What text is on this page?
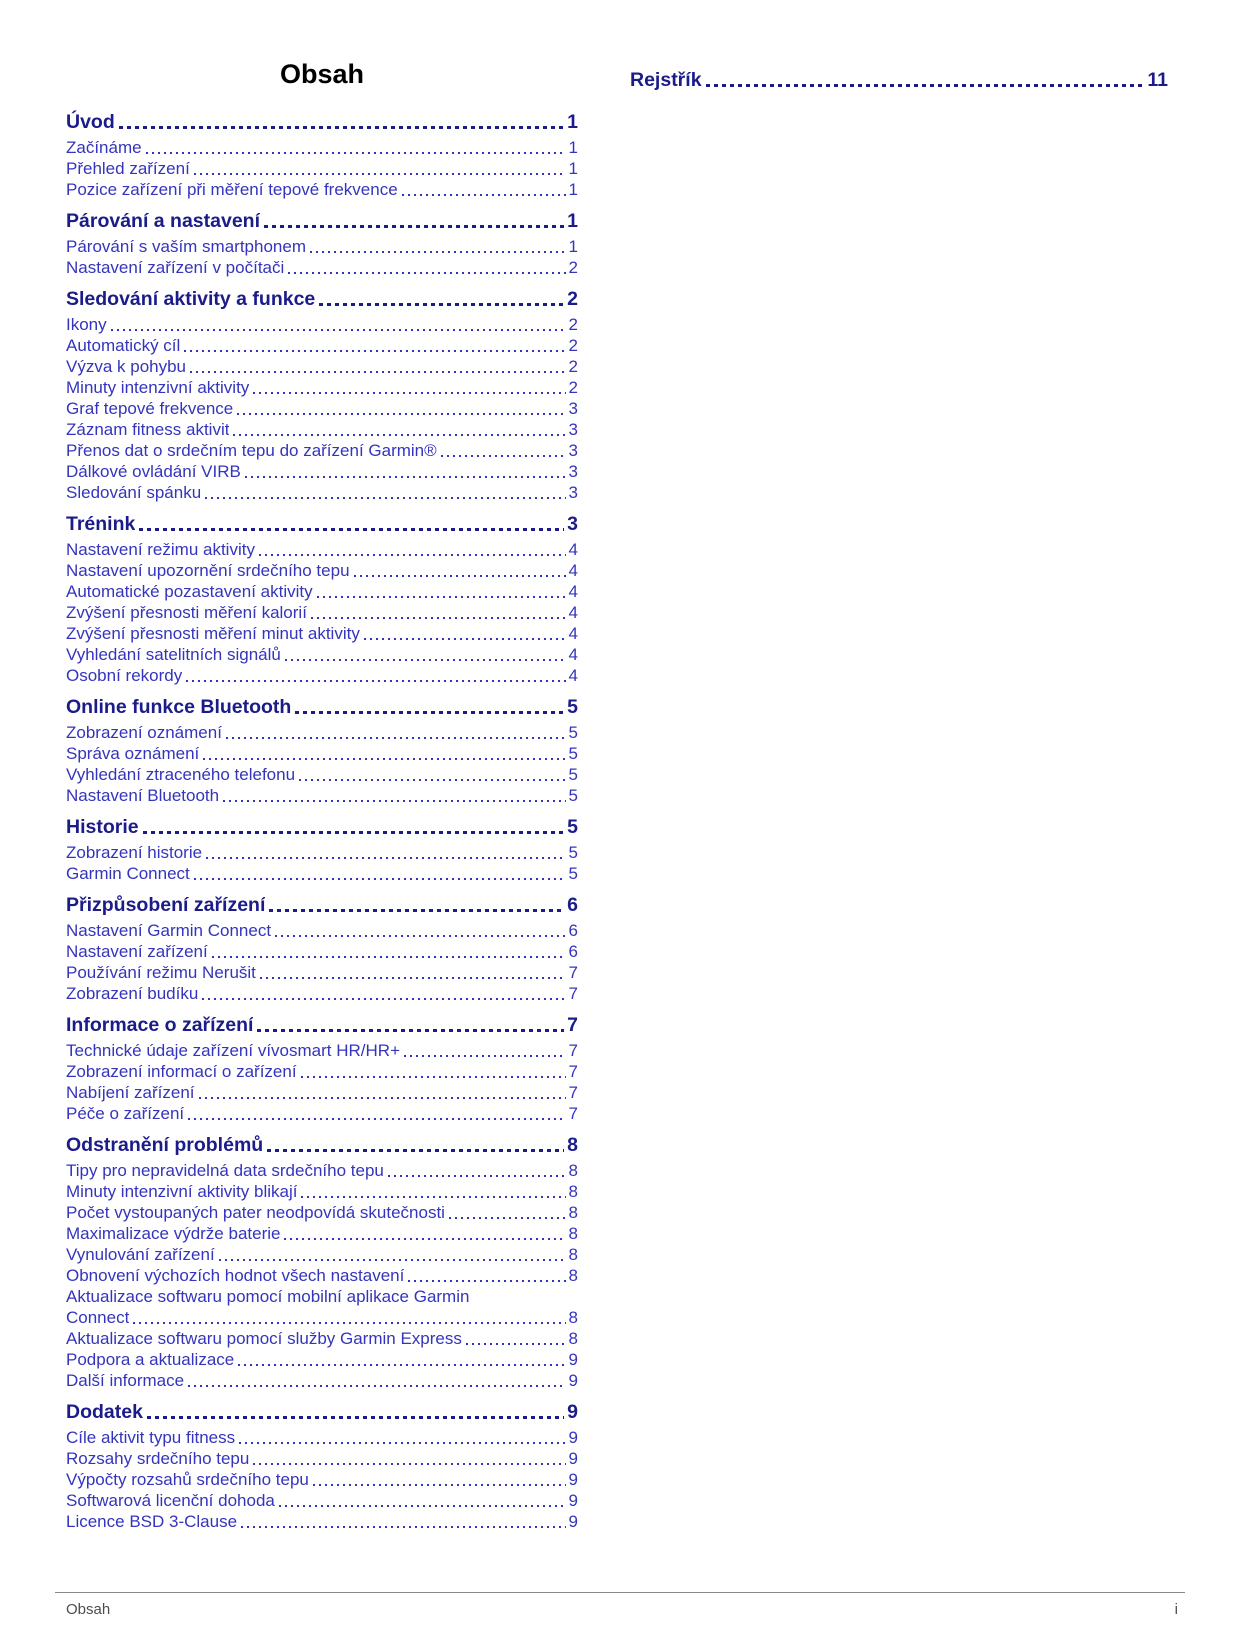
Obsah
Úvod	1
Začínáme	1
Přehled zařízení	1
Pozice zařízení při měření tepové frekvence	1
Párování a nastavení	1
Párování s vaším smartphonem	1
Nastavení zařízení v počítači	2
Sledování aktivity a funkce	2
Ikony	2
Automatický cíl	2
Výzva k pohybu	2
Minuty intenzivní aktivity	2
Graf tepové frekvence	3
Záznam fitness aktivit	3
Přenos dat o srdečním tepu do zařízení Garmin®	3
Dálkové ovládání VIRB	3
Sledování spánku	3
Trénink	3
Nastavení režimu aktivity	4
Nastavení upozornění srdečního tepu	4
Automatické pozastavení aktivity	4
Zvýšení přesnosti měření kalorií	4
Zvýšení přesnosti měření minut aktivity	4
Vyhledání satelitních signálů	4
Osobní rekordy	4
Online funkce Bluetooth	5
Zobrazení oznámení	5
Správa oznámení	5
Vyhledání ztraceného telefonu	5
Nastavení Bluetooth	5
Historie	5
Zobrazení historie	5
Garmin Connect	5
Přizpůsobení zařízení	6
Nastavení Garmin Connect	6
Nastavení zařízení	6
Používání režimu Nerušit	7
Zobrazení budíku	7
Informace o zařízení	7
Technické údaje zařízení vívosmart HR/HR+	7
Zobrazení informací o zařízení	7
Nabíjení zařízení	7
Péče o zařízení	7
Odstranění problémů	8
Tipy pro nepravidelná data srdečního tepu	8
Minuty intenzivní aktivity blikají	8
Počet vystoupaných pater neodpovídá skutečnosti	8
Maximalizace výdrže baterie	8
Vynulování zařízení	8
Obnovení výchozích hodnot všech nastavení	8
Aktualizace softwaru pomocí mobilní aplikace Garmin
Connect	8
Aktualizace softwaru pomocí služby Garmin Express	8
Podpora a aktualizace	9
Další informace	9
Dodatek	9
Cíle aktivit typu fitness	9
Rozsahy srdečního tepu	9
Výpočty rozsahů srdečního tepu	9
Softwarová licenční dohoda	9
Licence BSD 3-Clause	9
Rejstřík	11
Obsah	i
